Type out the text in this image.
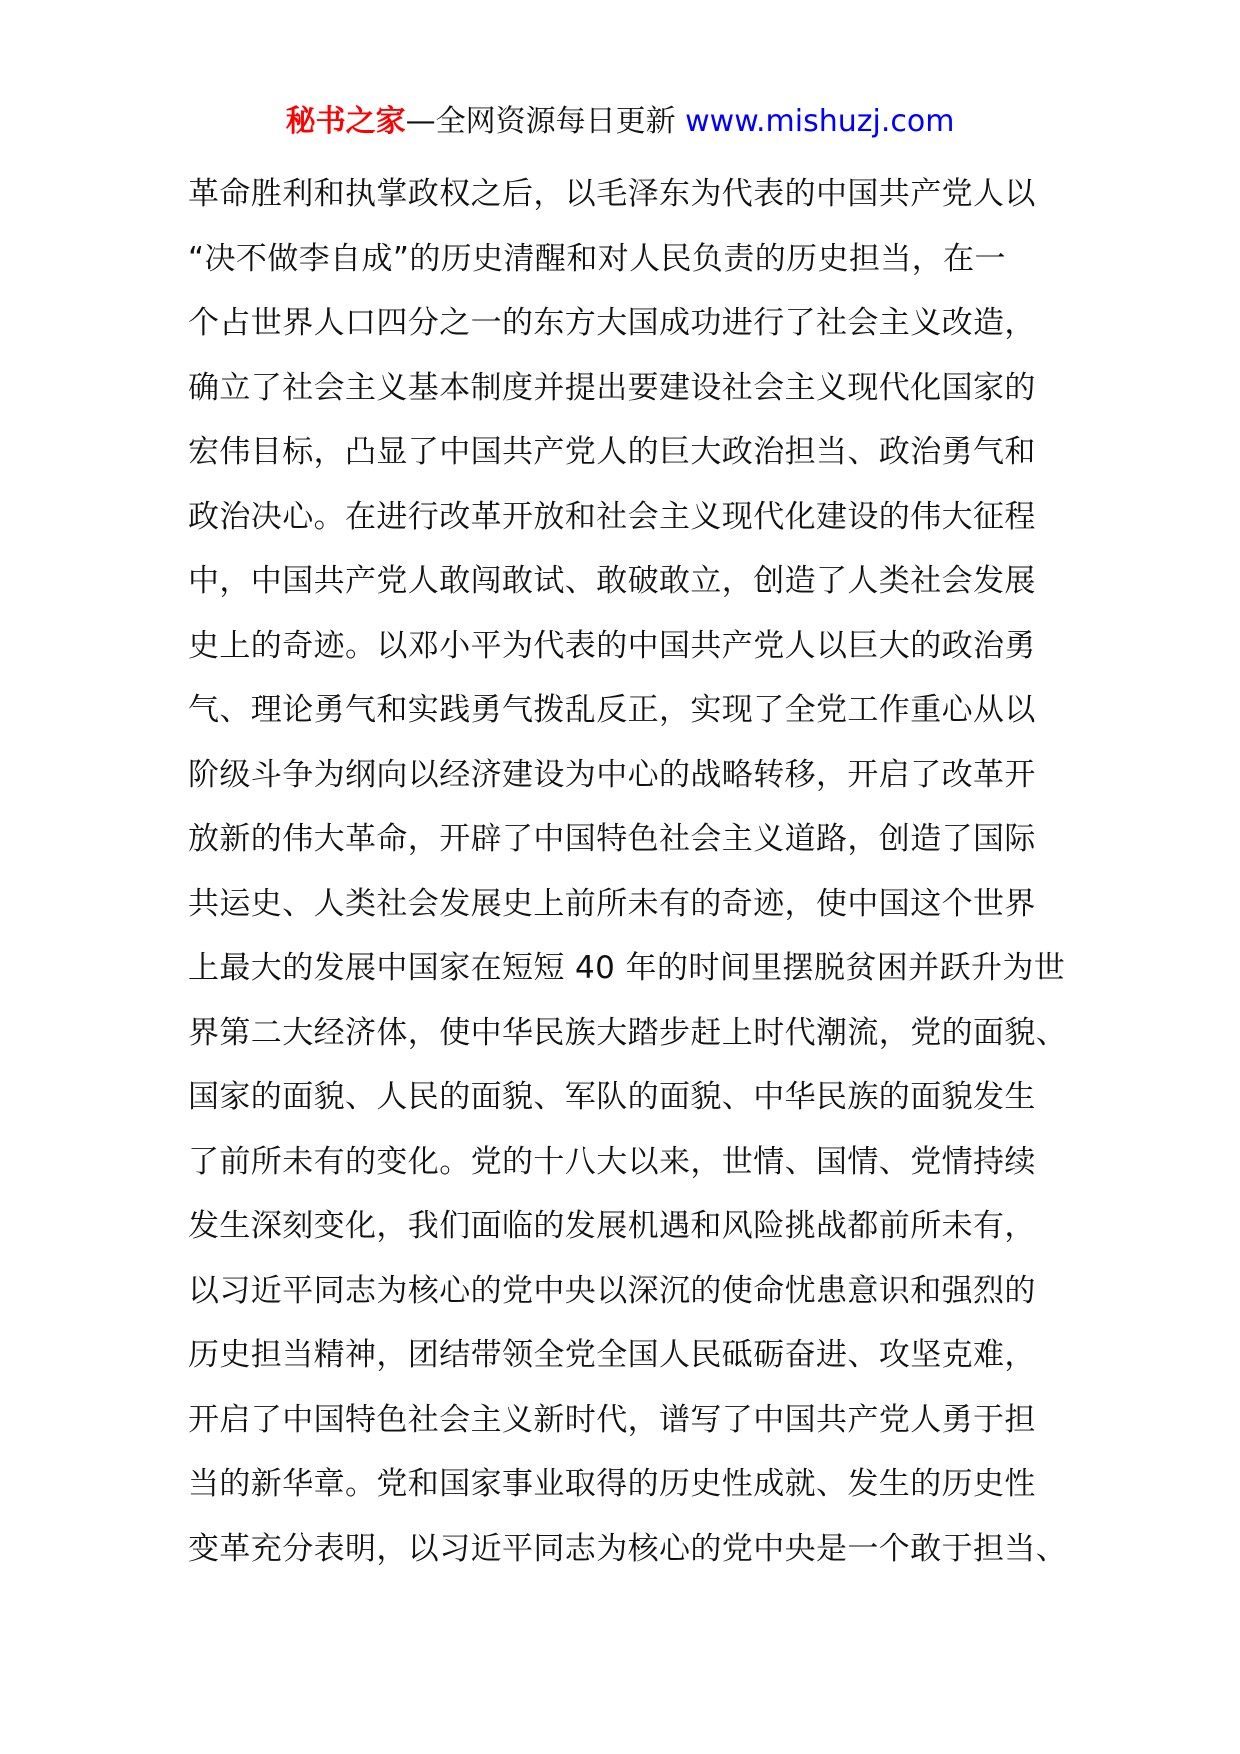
秘书之家—全网资源每日更新 www.mishuzj.com
革命胜利和执掌政权之后，以毛泽东为代表的中国共产党人以
“决不做李自成”的历史清醒和对人民负责的历史担当，在一
个占世界人口四分之一的东方大国成功进行了社会主义改造，
确立了社会主义基本制度并提出要建设社会主义现代化国家的
宏伟目标，凸显了中国共产党人的巨大政治担当、政治勇气和
政治决心。在进行改革开放和社会主义现代化建设的伟大征程
中，中国共产党人敢闯敢试、敢破敢立，创造了人类社会发展
史上的奇迹。以邓小平为代表的中国共产党人以巨大的政治勇
气、理论勇气和实践勇气拨乱反正，实现了全党工作重心从以
阶级斗争为纲向以经济建设为中心的战略转移，开启了改革开
放新的伟大革命，开辟了中国特色社会主义道路，创造了国际
共运史、人类社会发展史上前所未有的奇迹，使中国这个世界
上最大的发展中国家在短短 40 年的时间里摆脱贫困并跃升为世
界第二大经济体，使中华民族大踏步赶上时代潮流，党的面貌、
国家的面貌、人民的面貌、军队的面貌、中华民族的面貌发生
了前所未有的变化。党的十八大以来，世情、国情、党情持续
发生深刻变化，我们面临的发展机遇和风险挑战都前所未有，
以习近平同志为核心的党中央以深沉的使命忧患意识和强烈的
历史担当精神，团结带领全党全国人民砥砺奋进、攻坚克难，
开启了中国特色社会主义新时代，谱写了中国共产党人勇于担
当的新华章。党和国家事业取得的历史性成就、发生的历史性
变革充分表明，以习近平同志为核心的党中央是一个敢于担当、
